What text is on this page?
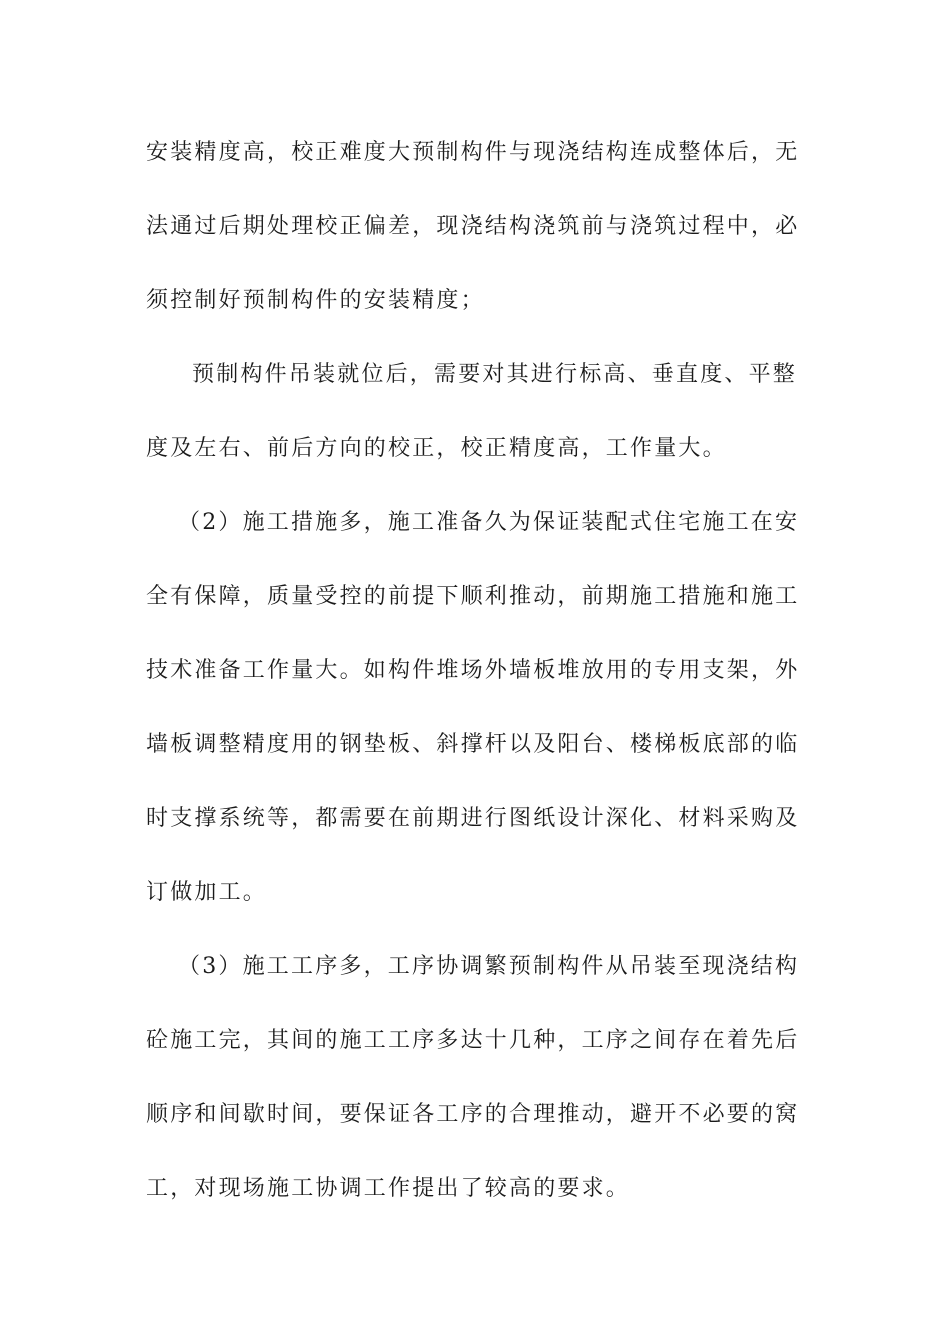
安装精度高，校正难度大预制构件与现浇结构连成整体后，无
法通过后期处理校正偏差，现浇结构浇筑前与浇筑过程中，必
须控制好预制构件的安装精度；
预制构件吊装就位后，需要对其进行标高、垂直度、平整
度及左右、前后方向的校正，校正精度高，工作量大。
（2）施工措施多，施工准备久为保证装配式住宅施工在安
全有保障，质量受控的前提下顺利推动，前期施工措施和施工
技术准备工作量大。如构件堆场外墙板堆放用的专用支架，外
墙板调整精度用的钢垫板、斜撑杆以及阳台、楼梯板底部的临
时支撑系统等，都需要在前期进行图纸设计深化、材料采购及
订做加工。
（3）施工工序多，工序协调繁预制构件从吊装至现浇结构
砼施工完，其间的施工工序多达十几种，工序之间存在着先后
顺序和间歇时间，要保证各工序的合理推动，避开不必要的窝
工，对现场施工协调工作提出了较高的要求。
